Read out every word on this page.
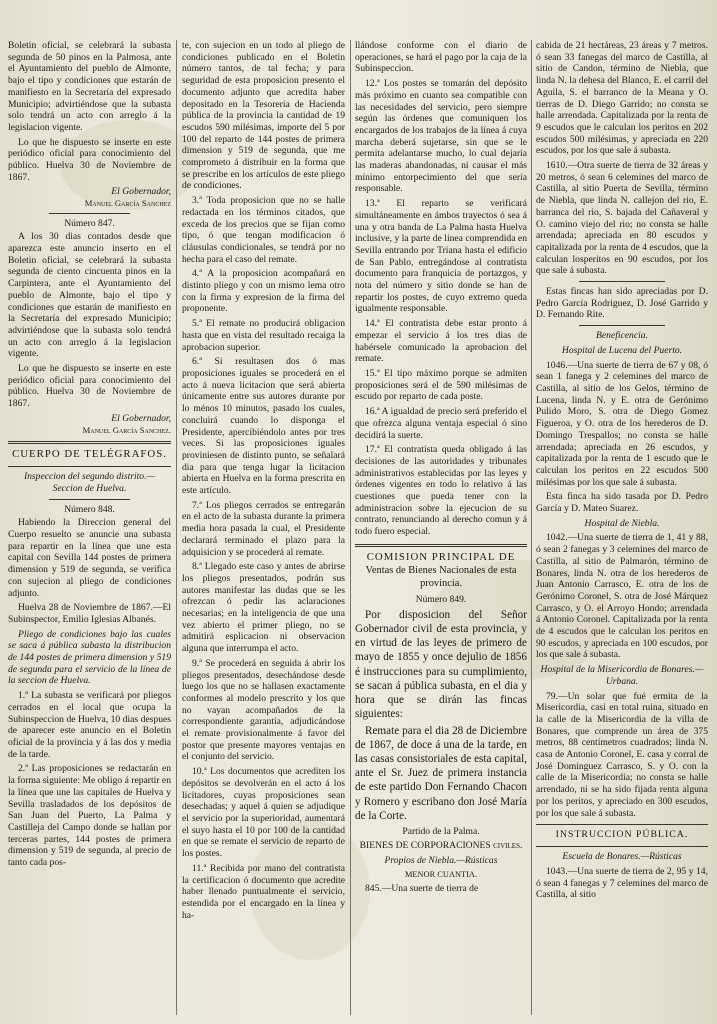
Boletin oficial, se celebrará la subasta segunda de 50 pinos en la Palmosa, ante el Ayuntamiento del pueblo de Almonte, bajo el tipo y condiciones que estarán de manifiesto en la Secretaría del expresado Municipio; advirtiéndose que la subasta solo tendrá un acto con arreglo á la legislacion vigente.

Lo que he dispuesto se inserte en este periódico oficial para conocimiento del público. Huelva 30 de Noviembre de 1867.

El Gobernador,

Manuel García Sanchez

Número 847.

A los 30 dias contados desde que aparezca este anuncio inserto en el Boletin oficial, se celebrará la subasta segunda de ciento cincuenta pinos en la Carpintera, ante el Ayuntamiento del pueblo de Almonte, bajo el tipo y condiciones que estarán de manifiesto en la Secretaría del expresado Municipio; advirtiéndose que la subasta solo tendrá un acto con arreglo á la legislacion vigente.

Lo que he dispuesto se inserte en este periódico oficial para conocimiento del público. Huelva 30 de Noviembre de 1867.

El Gobernador,

Manuel García Sanchez.

CUERPO DE TELÉGRAFOS.

Inspeccion del segundo distrito.— Seccion de Huelva.

Número 848.

Habiendo la Direccion general del Cuerpo resuelto se anuncie una subasta para repartir en la línea que une esta capital con Sevilla 144 postes de primera dimension y 519 de segunda, se verifica con sujecion al pliego de condiciones adjunto.

Huelva 28 de Noviembre de 1867.—El Subinspector, Emilio Iglesias Albanés.

Pliego de condiciones bajo las cuales se saca á pública subasta la distribucion de 144 postes de primera dimension y 519 de segunda para el servicio de la línea de la seccion de Huelva.

1.ª La subasta se verificará por pliegos cerrados en el local que ocupa la Subinspeccion de Huelva, 10 dias despues de aparecer este anuncio en el Boletin oficial de la provincia y á las dos y media de la tarde.

2.ª Las proposiciones se redactarán en la forma siguiente: Me obligo á repartir en la línea que une las capitales de Huelva y Sevilla trasladados de los depósitos de San Juan del Puerto, La Palma y Castilleja del Campo donde se hallan por terceras partes, 144 postes de primera dimension y 519 de segunda, al precio de tanto cada pos-

te, con sujecion en un todo al pliego de condiciones publicado en el Boletin número tantos, de tal fecha; y para seguridad de esta proposicion presento el documento adjunto que acredita haber depositado en la Tesorería de Hacienda pública de la provincia la cantidad de 19 escudos 590 milésimas, importe del 5 por 100 del reparto de 144 postes de primera dimension y 519 de segunda, que me comprometo á distribuir en la forma que se prescribe en los artículos de este pliego de condiciones.

3.ª Toda proposicion que no se halle redactada en los términos citados, que exceda de los precios que se fijan como tipo, ó que tengan modificacion ó cláusulas condicionales, se tendrá por no hecha para el caso del remate.

4.ª A la proposicion acompañará en distinto pliego y con un mismo lema otro con la firma y expresion de la firma del proponente.

5.ª El remate no producirá obligacion hasta que en vista del resultado recaiga la aprobacion superior.

6.ª Si resultasen dos ó mas proposiciones iguales se procederá en el acto á nueva licitacion que será abierta únicamente entre sus autores durante por lo ménos 10 minutos, pasado los cuales, concluirá cuando lo disponga el Presidente, apercibiéndolo antes por tres veces. Si las proposiciones iguales proviniesen de distinto punto, se señalará dia para que tenga lugar la licitacion abierta en Huelva en la forma prescrita en este artículo.

7.ª Los pliegos cerrados se entregarán en el acto de la subasta durante la primera media hora pasada la cual, el Presidente declarará terminado el plazo para la adquisicion y se procederá al remate.

8.ª Llegado este caso y antes de abrirse los pliegos presentados, podrán sus autores manifestar las dudas que se les ofrezcan ó pedir las aclaraciones necesarias; en la inteligencia de que una vez abierto el primer pliego, no se admitirá esplicacion ni observacion alguna que interrumpa el acto.

9.ª Se procederá en seguida á abrir los pliegos presentados, desechándose desde luego los que no se hallasen exactamente conformes al modelo prescrito y los que no vayan acompañados de la correspondiente garantía, adjudicándose el remate provisionalmente á favor del postor que presente mayores ventajas en el conjunto del servicio.

10.ª Los documentos que acrediten los depósitos se devolverán en el acto á los licitadores, cuyas proposiciones sean desechadas; y aquel á quien se adjudique el servicio por la superioridad, aumentará el suyo hasta el 10 por 100 de la cantidad en que se remate el servicio de reparto de los postes.

11.ª Recibida por mano del contratista la certificacion ó documento que acredite haber llenado puntualmente el servicio, estendida por el encargado en la línea y ha-

llándose conforme con el diario de operaciones, se hará el pago por la caja de la Subinspeccion.

12.ª Los postes se tomarán del depósito más próximo en cuanto sea compatible con las necesidades del servicio, pero siempre según las órdenes que comuniquen los encargados de los trabajos de la línea á cuya marcha deberá sujetarse, sin que se le permita adelantarse mucho, lo cual dejaria las maderas abandonadas, ni causar el más mínimo entorpecimiento del que sería responsable.

13.ª El reparto se verificará simultáneamente en ámbos trayectos ó sea á una y otra banda de La Palma hasta Huelva inclusive, y la parte de línea comprendida en Sevilla entrando por Triana hasta el edificio de San Pablo, entregándose al contratista documento para franquicia de portazgos, y nota del número y sitio donde se han de repartir los postes, de cuyo extremo queda igualmente responsable.

14.ª El contratista debe estar pronto á empezar el servicio á los tres dias de habérsele comunicado la aprobacion del remate.

15.ª El tipo máximo porque se admiten proposiciones será el de 590 milésimas de escudo por reparto de cada poste.

16.ª A igualdad de precio será preferido el que ofrezca alguna ventaja especial ó sino decidirá la suerte.

17.ª El contratista queda obligado á las decisiones de las autoridades y tribunales administrativos establecidas por las leyes y órdenes vigentes en todo lo relativo á las cuestiones que pueda tener con la administracion sobre la ejecucion de su contrato, renunciando al derecho comun y á todo fuero especial.

COMISION PRINCIPAL DE

Ventas de Bienes Nacionales de esta provincia.

Número 849.

Por disposicion del Señor Gobernador civil de esta provincia, y en virtud de las leyes de primero de mayo de 1855 y once dejulio de 1856 é instrucciones para su cumplimiento, se sacan á pública subasta, en el dia y hora que se dirán las fincas siguientes:

Remate para el dia 28 de Diciembre de 1867, de doce á una de la tarde, en las casas consistoriales de esta capital, ante el Sr. Juez de primera instancia de este partido Don Fernando Chacon y Romero y escribano don José María de la Corte.

Partido de la Palma.

BIENES DE CORPORACIONES civiles.

Propios de Niebla.—Rústicas

MENOR CUANTIA.

845.—Una suerte de tierra de

cabida de 21 hectáreas, 23 áreas y 7 metros. ó sean 33 fanegas del marco de Castilla, al sitio de Candon, término de Niebla, que linda N. la dehesa del Blanco, E. el carril del Aguila, S. el barranco de la Meana y O. tierras de D. Diego Garrido; no consta se halle arrendada. Capitalizada por la renta de 9 escudos que le calculan los peritos en 202 escudos 500 milésimas, y apreciada en 220 escudos, por los que sale á subasta.

1610.—Otra suerte de tierra de 32 áreas y 20 metros, ó sean 6 celemines del marco de Castilla, al sitio Puerta de Sevilla, término de Niebla, que linda N. callejon del rio, E. barranca del rio, S. bajada del Cañaveral y O. camino viejo del rio; no consta se halle arrendada; apreciada en 80 escudos y capitalizada por la renta de 4 escudos, que la calculan losperitos en 90 escudos, por los que sale á subasta.

Estas fincas han sido apreciadas por D. Pedro García Rodriguez, D. José Garrido y D. Fernando Rite.

Beneficencia.

Hospital de Lucena del Puerto.

1046.—Una suerte de tierra de 67 y 08, ó sean 1 fanega y 2 celemines del marco de Castilla, al sitio de los Gelos, término de Lucena, linda N. y E. otra de Gerónimo Pulido Moro, S. otra de Diego Gomez Figueroa, y O. otra de los herederos de D. Domingo Trespallos; no consta se halle arrendada; apreciada en 26 escudos, y capitalizada por la renta de 1 escudo que le calculan los peritos en 22 escudos 500 milésimas por los que sale á subasta.

Esta finca ha sido tasada por D. Pedro García y D. Mateo Suarez.

Hospital de Niebla.

1042.—Una suerte de tierra de 1, 41 y 88, ó sean 2 fanegas y 3 celemines del marco de Castilla, al sitio de Palmarón, término de Bonares, linda N. otra de los herederos de Juan Antonio Carrasco, E. otra de los de Gerónimo Coronel, S. otra de José Márquez Carrasco, y O. el Arroyo Hondo; arrendada á Antonio Coronel. Capitalizada por la renta de 4 escudos que le calculan los peritos en 90 escudos, y apreciada en 100 escudos, por los que sale á subasta.

Hospital de la Misericordia de Bonares.—Urbana.

79.—Un solar que fué ermita de la Misericordia, casi en total ruina, situado en la calle de la Misericordia de la villa de Bonares, que comprende un área de 375 metros, 88 centímetros cuadrados; linda N. casa de Antonio Coronel, E. casa y corral de José Dominguez Carrasco, S. y O. con la calle de la Misericordia; no consta se halle arrendado, ni se ha sido fijada renta alguna por los peritos, y apreciado en 300 escudos, por los que sale á subasta.

INSTRUCCION PÚBLICA.

Escuela de Bonares.—Rústicas

1043.—Una suerte de tierra de 2, 95 y 14, ó sean 4 fanegas y 7 celemines del marco de Castilla, al sitio
